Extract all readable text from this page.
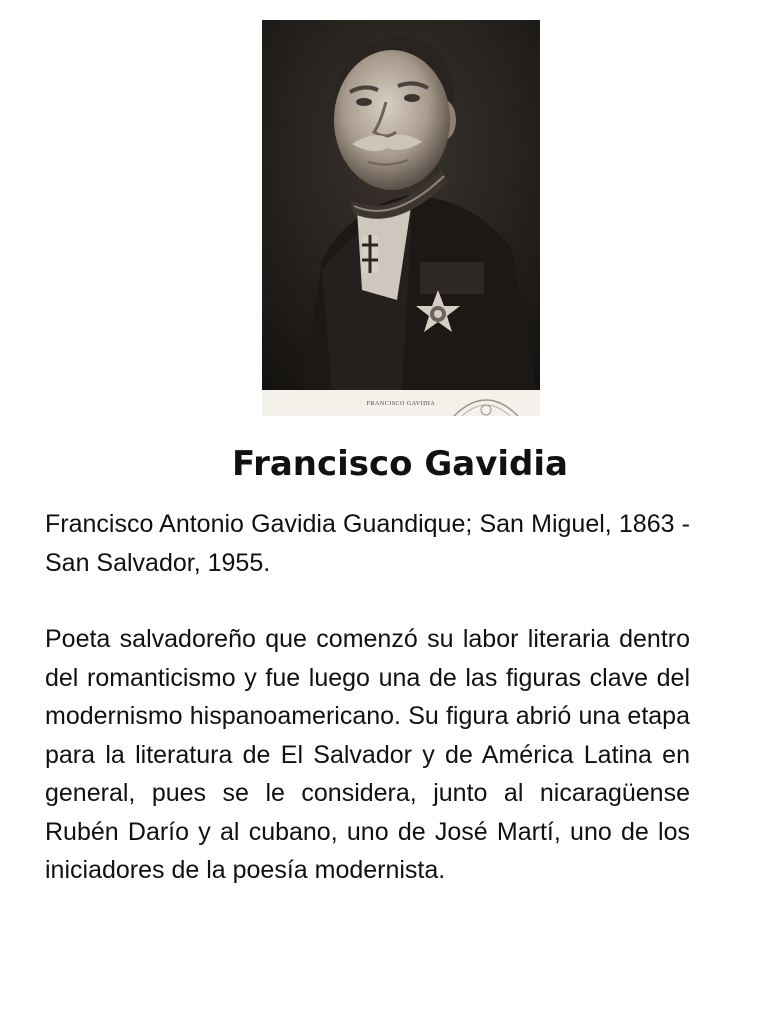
FRANCISCO GAVIDIA
Francisco Gavidia

Francisco Antonio Gavidia Guandique; San Miguel, 1863 - San Salvador, 1955.

Poeta salvadoreño que comenzó su labor literaria dentro del romanticismo y fue luego una de las figuras clave del modernismo hispanoamericano. Su figura abrió una etapa para la literatura de El Salvador y de América Latina en general, pues se le considera, junto al nicaragüense Rubén Darío y al cubano, uno de José Martí, uno de los iniciadores de la poesía modernista.
